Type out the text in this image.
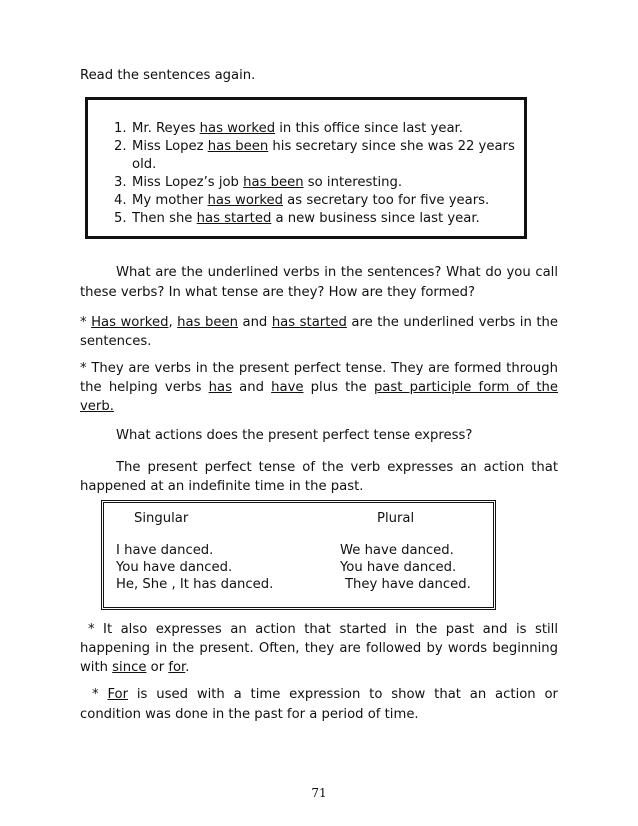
Read the sentences again.
1. Mr. Reyes has worked in this office since last year.
2. Miss Lopez has been his secretary since she was 22 years
old.
3. Miss Lopez’s job has been so interesting.
4. My mother has worked as secretary too for five years.
5. Then she has started a new business since last year.
What are the underlined verbs in the sentences? What do you call
these verbs? In what tense are they? How are they formed?
* Has worked, has been and has started are the underlined verbs in the
sentences.
* They are verbs in the present perfect tense. They are formed through
the helping verbs has and have plus the past participle form of the
verb.
What actions does the present perfect tense express?
The present perfect tense of the verb expresses an action that
happened at an indefinite time in the past.
Singular	Plural
I have danced.
You have danced.
He, She , It has danced.
We have danced.
You have danced.
They have danced.
* It also expresses an action that started in the past and is still
happening in the present. Often, they are followed by words beginning
with since or for.
* For is used with a time expression to show that an action or
condition was done in the past for a period of time.
71
